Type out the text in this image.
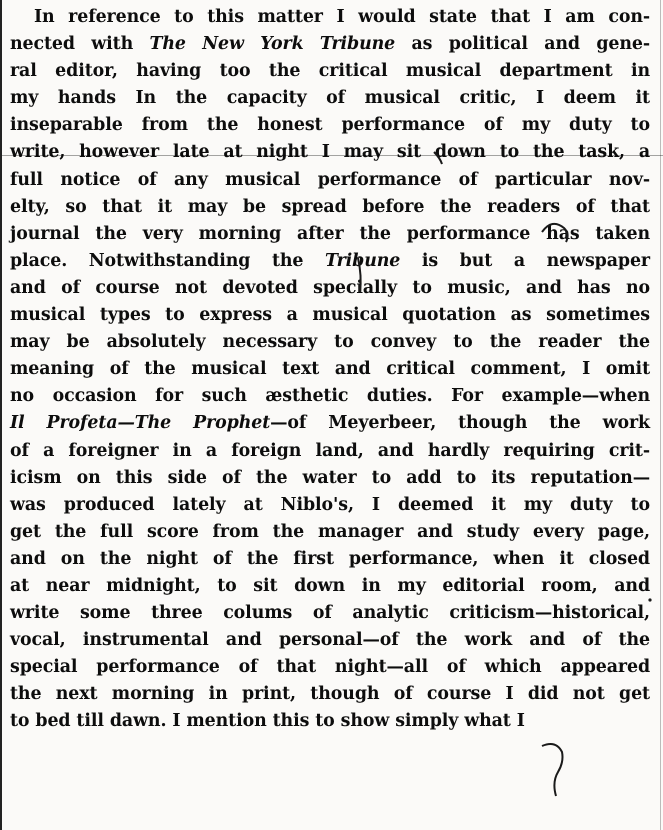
In reference to this matter I would state that I am con-
nected with The New York Tribune as political and gene-
ral editor, having too the critical musical department in
my hands In the capacity of musical critic, I deem it
inseparable from the honest performance of my duty to
write, however late at night I may sit down to the task, a
full notice of any musical performance of particular nov-
elty, so that it may be spread before the readers of that
journal the very morning after the performance has taken
place. Notwithstanding the Tribune is but a newspaper
and of course not devoted specially to music, and has no
musical types to express a musical quotation as sometimes
may be absolutely necessary to convey to the reader the
meaning of the musical text and critical comment, I omit
no occasion for such æsthetic duties. For example—when
Il Profeta—The Prophet—of Meyerbeer, though the work
of a foreigner in a foreign land, and hardly requiring crit-
icism on this side of the water to add to its reputation—
was produced lately at Niblo's, I deemed it my duty to
get the full score from the manager and study every page,
and on the night of the first performance, when it closed
at near midnight, to sit down in my editorial room, and
write some three colums of analytic criticism—historical,
vocal, instrumental and personal—of the work and of the
special performance of that night—all of which appeared
the next morning in print, though of course I did not get
to bed till dawn. I mention this to show simply what I
